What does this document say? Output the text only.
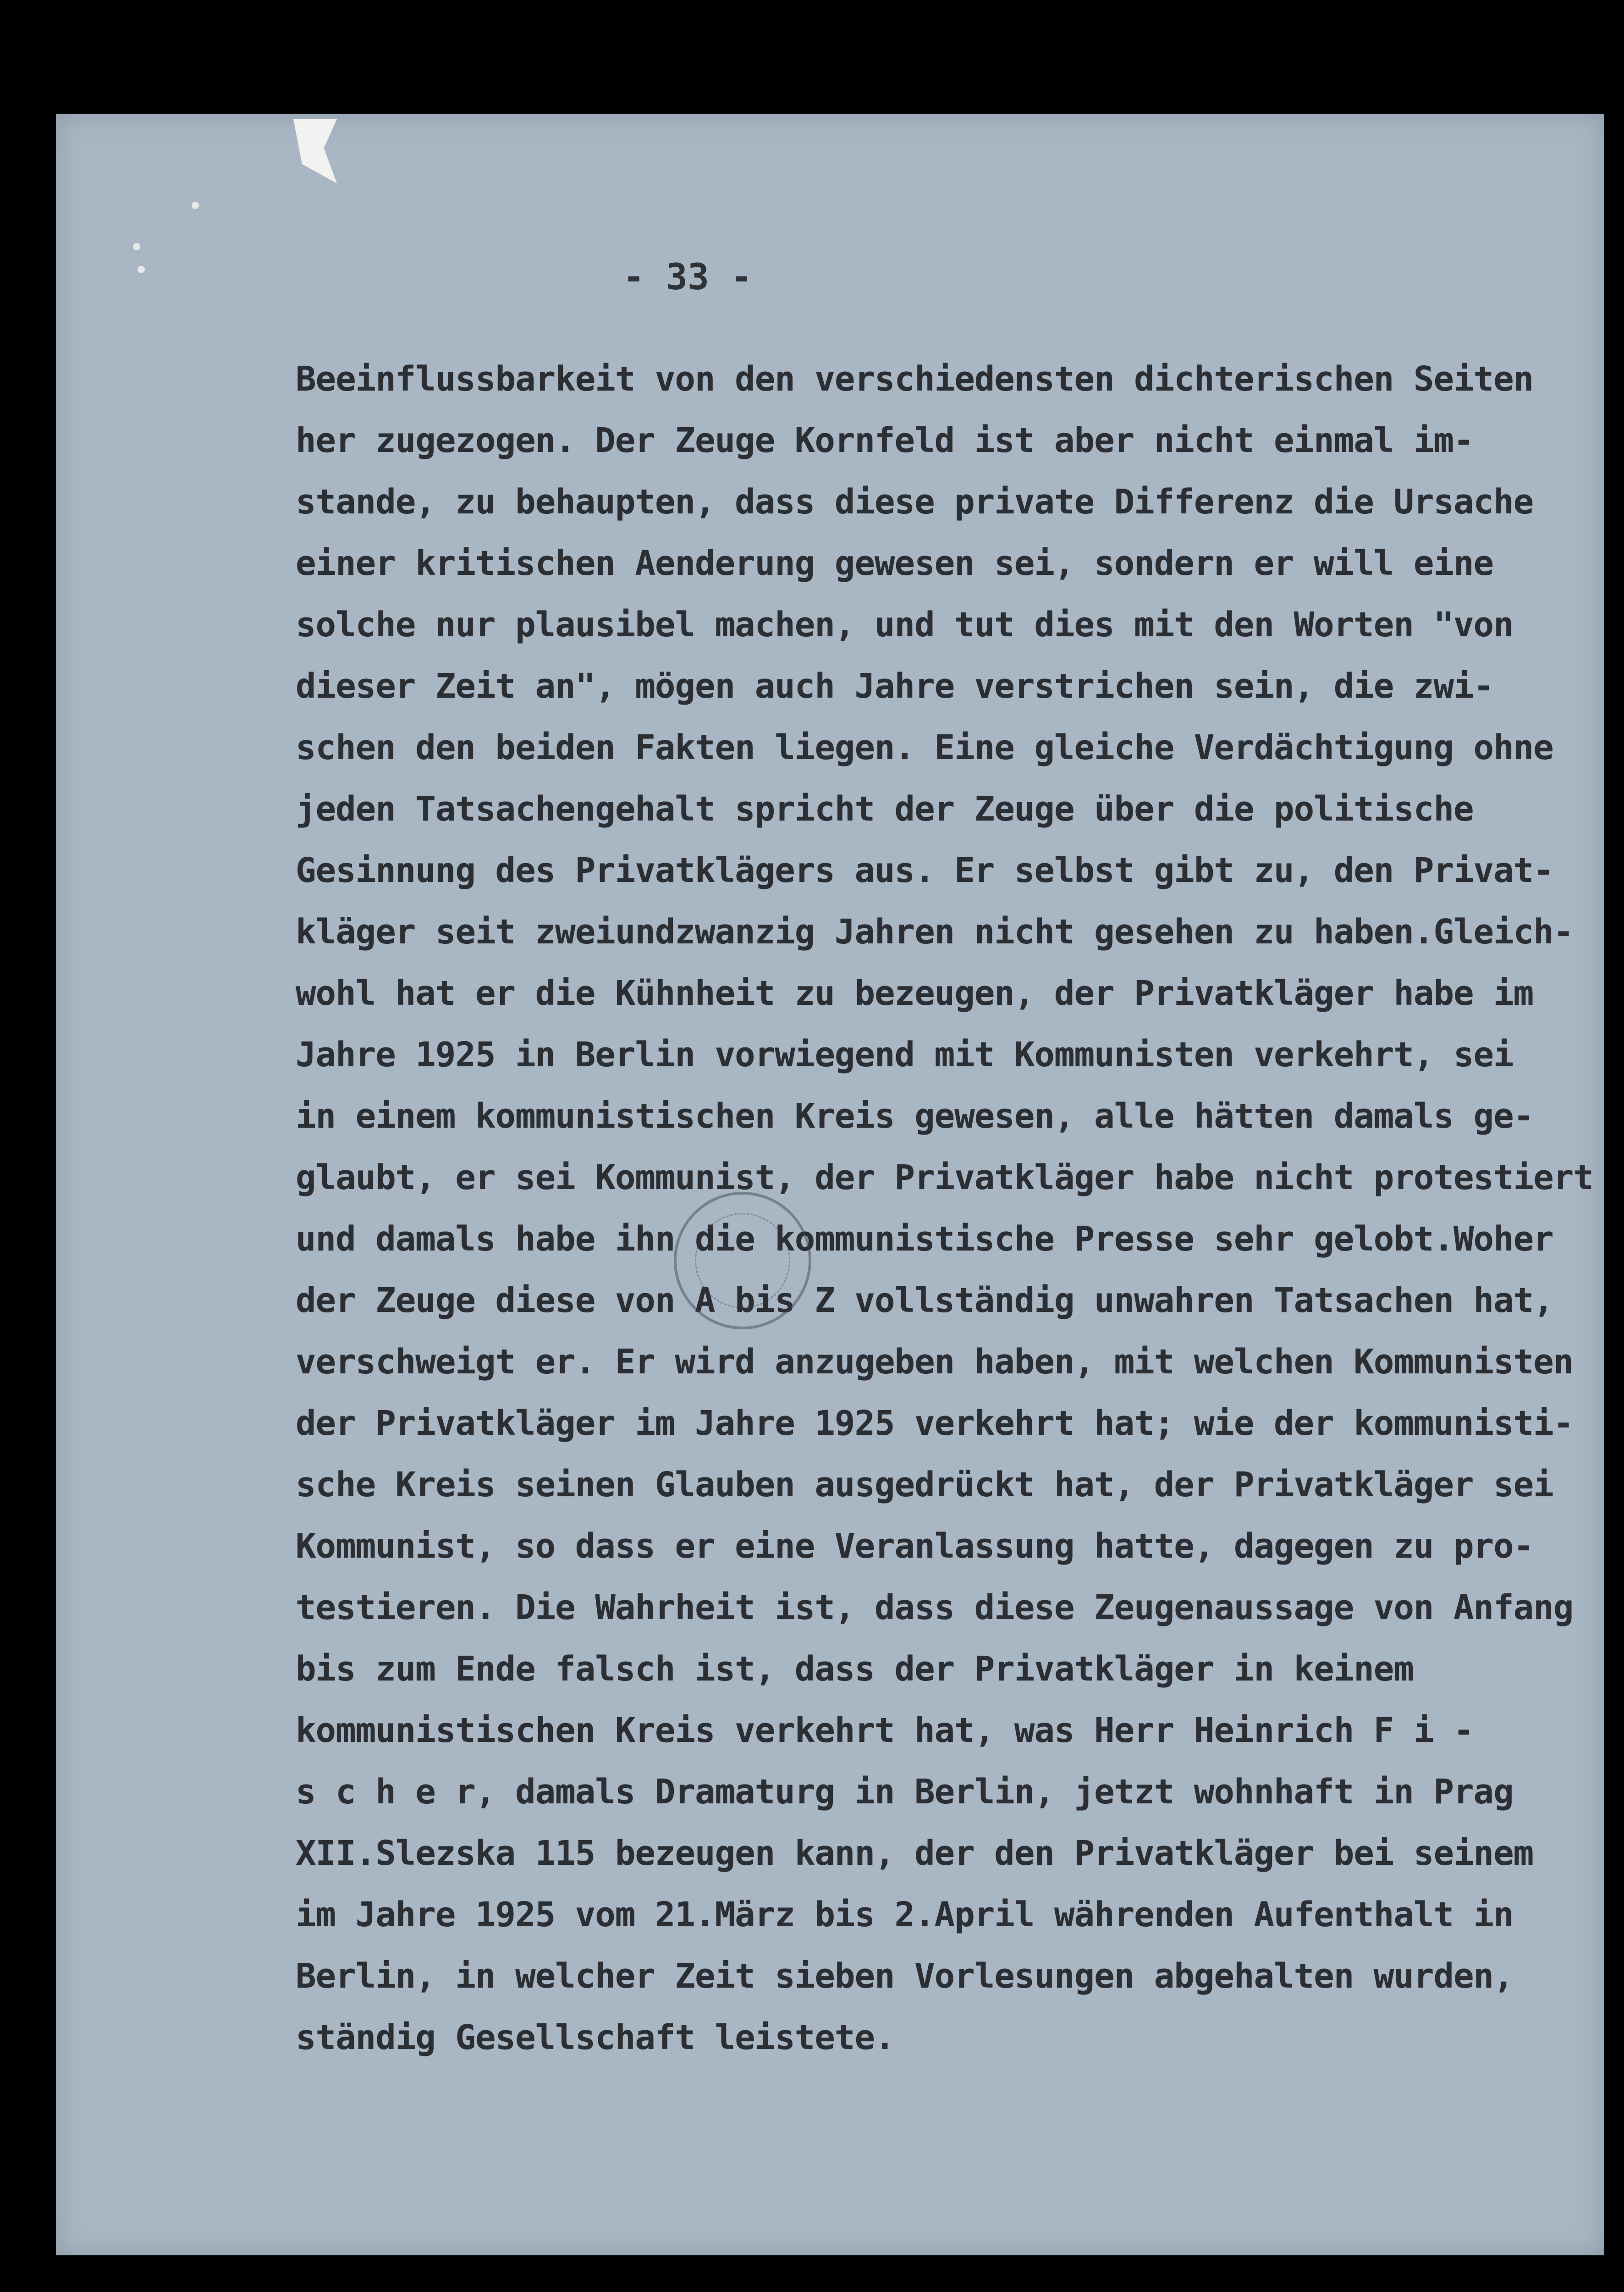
- 33 -
Beeinflussbarkeit von den verschiedensten dichterischen Seiten
her zugezogen. Der Zeuge Kornfeld ist aber nicht einmal im-
stande, zu behaupten, dass diese private Differenz die Ursache
einer kritischen Aenderung gewesen sei, sondern er will eine
solche nur plausibel machen, und tut dies mit den Worten "von
dieser Zeit an", mögen auch Jahre verstrichen sein, die zwi-
schen den beiden Fakten liegen. Eine gleiche Verdächtigung ohne
jeden Tatsachengehalt spricht der Zeuge über die politische
Gesinnung des Privatklägers aus. Er selbst gibt zu, den Privat-
kläger seit zweiundzwanzig Jahren nicht gesehen zu haben.Gleich-
wohl hat er die Kühnheit zu bezeugen, der Privatkläger habe im
Jahre 1925 in Berlin vorwiegend mit Kommunisten verkehrt, sei
in einem kommunistischen Kreis gewesen, alle hätten damals ge-
glaubt, er sei Kommunist, der Privatkläger habe nicht protestiert
und damals habe ihn die kommunistische Presse sehr gelobt.Woher
der Zeuge diese von A bis Z vollständig unwahren Tatsachen hat,
verschweigt er. Er wird anzugeben haben, mit welchen Kommunisten
der Privatkläger im Jahre 1925 verkehrt hat; wie der kommunisti-
sche Kreis seinen Glauben ausgedrückt hat, der Privatkläger sei
Kommunist, so dass er eine Veranlassung hatte, dagegen zu pro-
testieren. Die Wahrheit ist, dass diese Zeugenaussage von Anfang
bis zum Ende falsch ist, dass der Privatkläger in keinem
kommunistischen Kreis verkehrt hat, was Herr Heinrich F i -
s c h e r, damals Dramaturg in Berlin, jetzt wohnhaft in Prag
XII.Slezska 115 bezeugen kann, der den Privatkläger bei seinem
im Jahre 1925 vom 21.März bis 2.April währenden Aufenthalt in
Berlin, in welcher Zeit sieben Vorlesungen abgehalten wurden,
ständig Gesellschaft leistete.
